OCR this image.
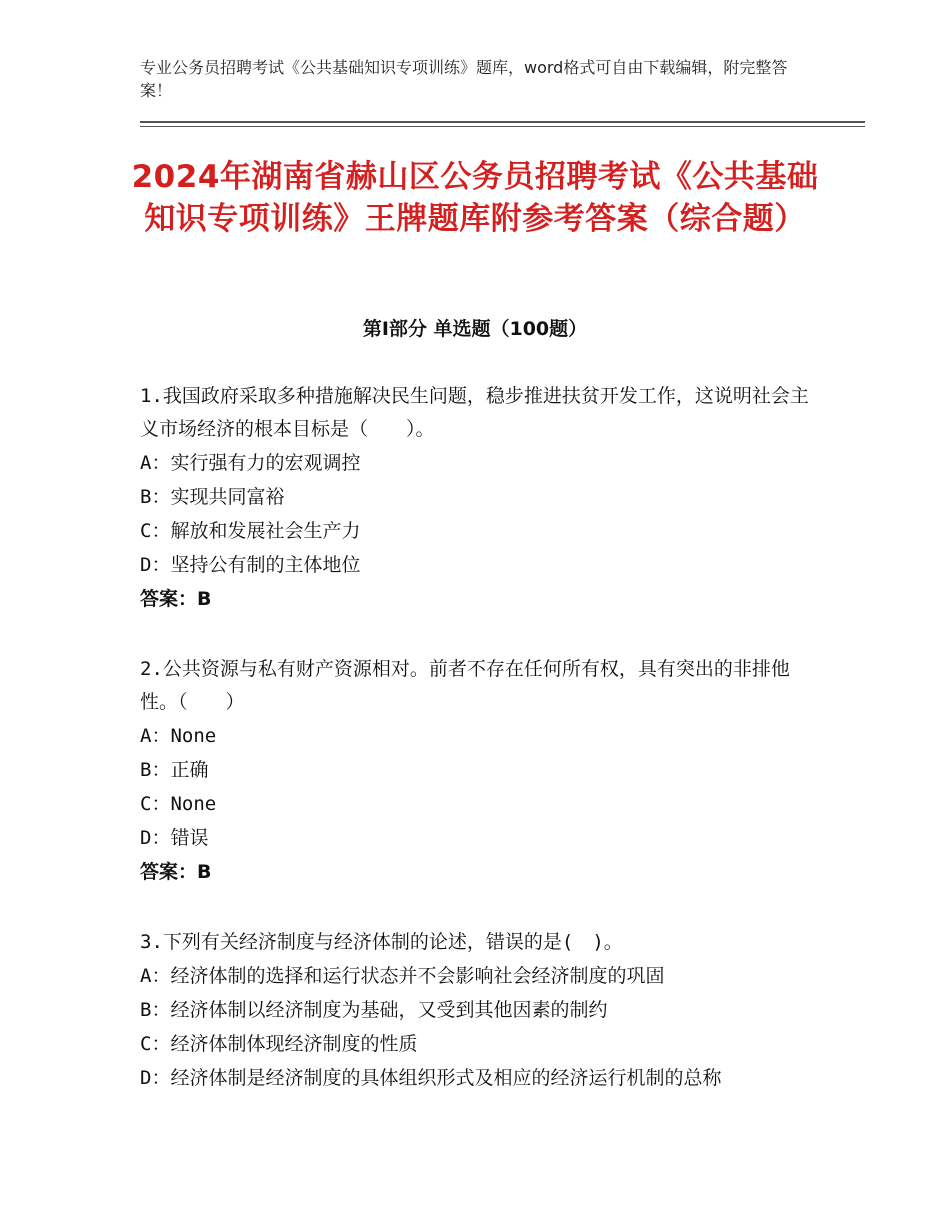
专业公务员招聘考试《公共基础知识专项训练》题库，word格式可自由下载编辑，附完整答案！
2024年湖南省赫山区公务员招聘考试《公共基础知识专项训练》王牌题库附参考答案（综合题）
第Ⅰ部分 单选题（100题）

1.我国政府采取多种措施解决民生问题，稳步推进扶贫开发工作，这说明社会主义市场经济的根本目标是（　　）。

A：实行强有力的宏观调控

B：实现共同富裕

C：解放和发展社会生产力

D：坚持公有制的主体地位

答案：B

2.公共资源与私有财产资源相对。前者不存在任何所有权，具有突出的非排他性。（　　）

A：None

B：正确

C：None

D：错误

答案：B

3.下列有关经济制度与经济体制的论述，错误的是(　)。

A：经济体制的选择和运行状态并不会影响社会经济制度的巩固

B：经济体制以经济制度为基础，又受到其他因素的制约

C：经济体制体现经济制度的性质

D：经济体制是经济制度的具体组织形式及相应的经济运行机制的总称
